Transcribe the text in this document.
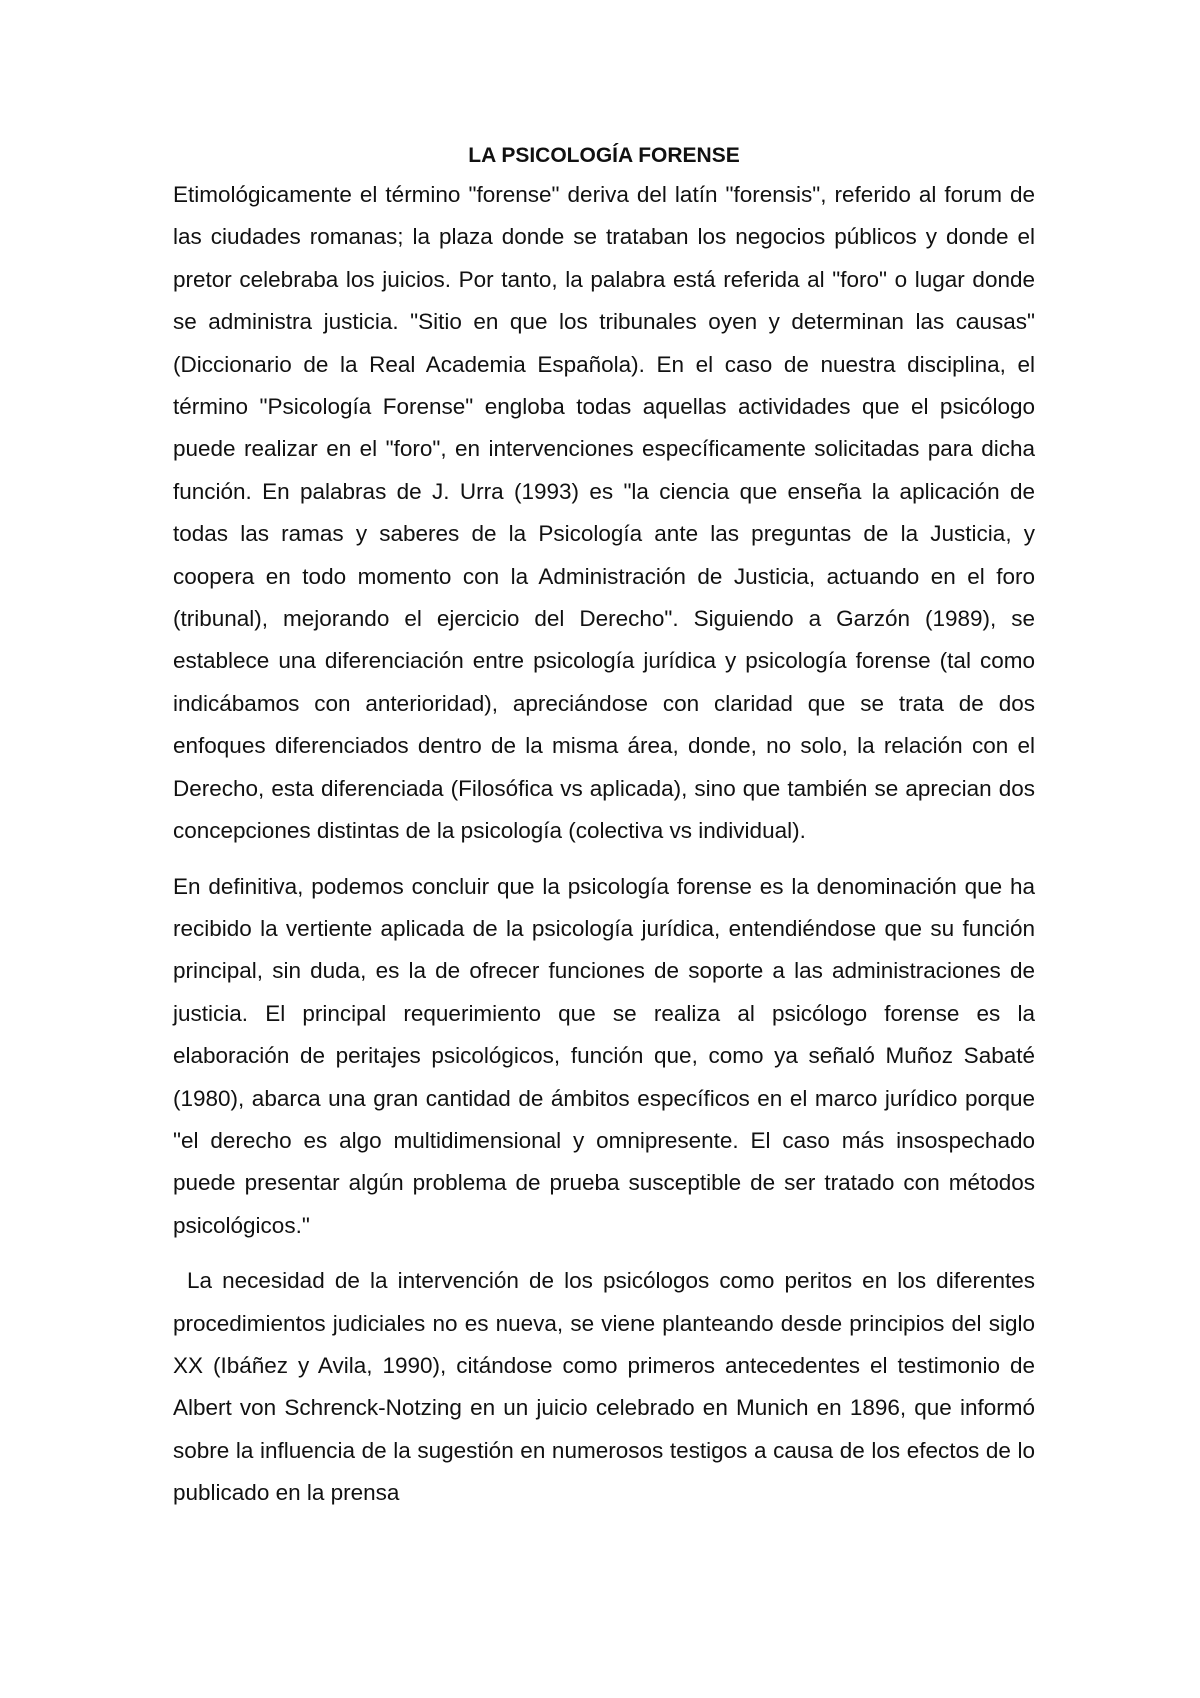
LA PSICOLOGÍA FORENSE

Etimológicamente el término "forense" deriva del latín "forensis", referido al forum de las ciudades romanas; la plaza donde se trataban los negocios públicos y donde el pretor celebraba los juicios. Por tanto, la palabra está referida al "foro" o lugar donde se administra justicia. "Sitio en que los tribunales oyen y determinan las causas" (Diccionario de la Real Academia Española). En el caso de nuestra disciplina, el término "Psicología Forense" engloba todas aquellas actividades que el psicólogo puede realizar en el "foro", en intervenciones específicamente solicitadas para dicha función. En palabras de J. Urra (1993) es "la ciencia que enseña la aplicación de todas las ramas y saberes de la Psicología ante las preguntas de la Justicia, y coopera en todo momento con la Administración de Justicia, actuando en el foro (tribunal), mejorando el ejercicio del Derecho". Siguiendo a Garzón (1989), se establece una diferenciación entre psicología jurídica y psicología forense (tal como indicábamos con anterioridad), apreciándose con claridad que se trata de dos enfoques diferenciados dentro de la misma área, donde, no solo, la relación con el Derecho, esta diferenciada (Filosófica vs aplicada), sino que también se aprecian dos concepciones distintas de la psicología (colectiva vs individual).

En definitiva, podemos concluir que la psicología forense es la denominación que ha recibido la vertiente aplicada de la psicología jurídica, entendiéndose que su función principal, sin duda, es la de ofrecer funciones de soporte a las administraciones de justicia. El principal requerimiento que se realiza al psicólogo forense es la elaboración de peritajes psicológicos, función que, como ya señaló Muñoz Sabaté (1980), abarca una gran cantidad de ámbitos específicos en el marco jurídico porque "el derecho es algo multidimensional y omnipresente. El caso más insospechado puede presentar algún problema de prueba susceptible de ser tratado con métodos psicológicos."

La necesidad de la intervención de los psicólogos como peritos en los diferentes procedimientos judiciales no es nueva, se viene planteando desde principios del siglo XX (Ibáñez y Avila, 1990), citándose como primeros antecedentes el testimonio de Albert von Schrenck-Notzing en un juicio celebrado en Munich en 1896, que informó sobre la influencia de la sugestión en numerosos testigos a causa de los efectos de lo publicado en la prensa
